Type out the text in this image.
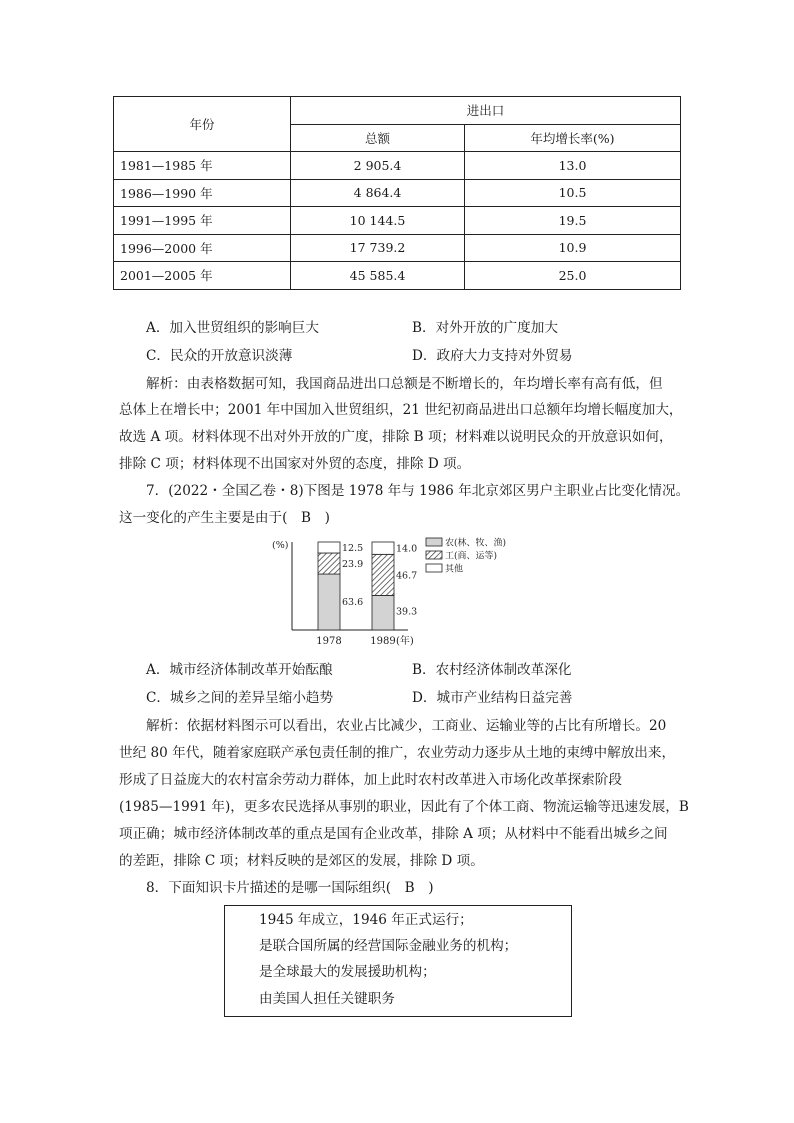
年份	进出口	
	总额	年均增长率(%)
1981—1985 年	2 905.4	13.0
1986—1990 年	4 864.4	10.5
1991—1995 年	10 144.5	19.5
1996—2000 年	17 739.2	10.9
2001—2005 年	45 585.4	25.0
A．加入世贸组织的影响巨大	B．对外开放的广度加大
C．民众的开放意识淡薄	D．政府大力支持对外贸易
解析：由表格数据可知，我国商品进出口总额是不断增长的，年均增长率有高有低，但
总体上在增长中；2001 年中国加入世贸组织，21 世纪初商品进出口总额年均增长幅度加大，
故选 A 项。材料体现不出对外开放的广度，排除 B 项；材料难以说明民众的开放意识如何，
排除 C 项；材料体现不出国家对外贸的态度，排除 D 项。
7．(2022・全国乙卷・8)下图是 1978 年与 1986 年北京郊区男户主职业占比变化情况。
这一变化的产生主要是由于(　B　)
(%)
63.6
23.9
12.5
39.3
46.7
14.0
1978	1989 (年)
农(林、牧、渔)
工(商、运等)
其他
A．城市经济体制改革开始酝酿	B．农村经济体制改革深化
C．城乡之间的差异呈缩小趋势	D．城市产业结构日益完善
解析：依据材料图示可以看出，农业占比减少，工商业、运输业等的占比有所增长。20
世纪 80 年代，随着家庭联产承包责任制的推广，农业劳动力逐步从土地的束缚中解放出来，
形成了日益庞大的农村富余劳动力群体，加上此时农村改革进入市场化改革探索阶段
(1985—1991 年)，更多农民选择从事别的职业，因此有了个体工商、物流运输等迅速发展，B
项正确；城市经济体制改革的重点是国有企业改革，排除 A 项；从材料中不能看出城乡之间
的差距，排除 C 项；材料反映的是郊区的发展，排除 D 项。
8．下面知识卡片描述的是哪一国际组织(　B　)
1945 年成立，1946 年正式运行；
是联合国所属的经营国际金融业务的机构；
是全球最大的发展援助机构；
由美国人担任关键职务
